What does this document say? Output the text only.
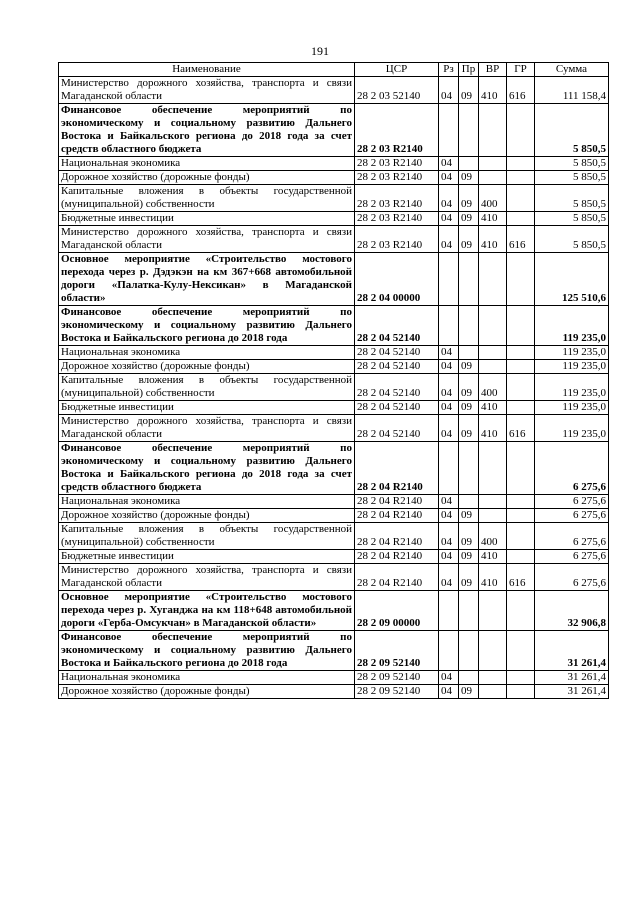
191
Наименование	ЦСР	Рз	Пр	ВР	ГР	Сумма
Министерство дорожного хозяйства, транспорта и связи Магаданской области	28 2 03 52140	04	09	410	616	111 158,4
Финансовое обеспечение мероприятий по экономическому и социальному развитию Дальнего Востока и Байкальского региона до 2018 года за счет средств областного бюджета	28 2 03 R2140					5 850,5
Национальная экономика	28 2 03 R2140	04				5 850,5
Дорожное хозяйство (дорожные фонды)	28 2 03 R2140	04	09			5 850,5
Капитальные вложения в объекты государственной (муниципальной) собственности	28 2 03 R2140	04	09	400		5 850,5
Бюджетные инвестиции	28 2 03 R2140	04	09	410		5 850,5
Министерство дорожного хозяйства, транспорта и связи Магаданской области	28 2 03 R2140	04	09	410	616	5 850,5
Основное мероприятие «Строительство мостового перехода через р. Дэдэкэн на км 367+668 автомобильной дороги «Палатка-Кулу-Нексикан» в Магаданской области»	28 2 04 00000					125 510,6
Финансовое обеспечение мероприятий по экономическому и социальному развитию Дальнего Востока и Байкальского региона до 2018 года	28 2 04 52140					119 235,0
Национальная экономика	28 2 04 52140	04				119 235,0
Дорожное хозяйство (дорожные фонды)	28 2 04 52140	04	09			119 235,0
Капитальные вложения в объекты государственной (муниципальной) собственности	28 2 04 52140	04	09	400		119 235,0
Бюджетные инвестиции	28 2 04 52140	04	09	410		119 235,0
Министерство дорожного хозяйства, транспорта и связи Магаданской области	28 2 04 52140	04	09	410	616	119 235,0
Финансовое обеспечение мероприятий по экономическому и социальному развитию Дальнего Востока и Байкальского региона до 2018 года за счет средств областного бюджета	28 2 04 R2140					6 275,6
Национальная экономика	28 2 04 R2140	04				6 275,6
Дорожное хозяйство (дорожные фонды)	28 2 04 R2140	04	09			6 275,6
Капитальные вложения в объекты государственной (муниципальной) собственности	28 2 04 R2140	04	09	400		6 275,6
Бюджетные инвестиции	28 2 04 R2140	04	09	410		6 275,6
Министерство дорожного хозяйства, транспорта и связи Магаданской области	28 2 04 R2140	04	09	410	616	6 275,6
Основное мероприятие «Строительство мостового перехода через р. Хуганджа на км 118+648 автомобильной дороги «Герба-Омсукчан» в Магаданской области»	28 2 09 00000					32 906,8
Финансовое обеспечение мероприятий по экономическому и социальному развитию Дальнего Востока и Байкальского региона до 2018 года	28 2 09 52140					31 261,4
Национальная экономика	28 2 09 52140	04				31 261,4
Дорожное хозяйство (дорожные фонды)	28 2 09 52140	04	09			31 261,4
